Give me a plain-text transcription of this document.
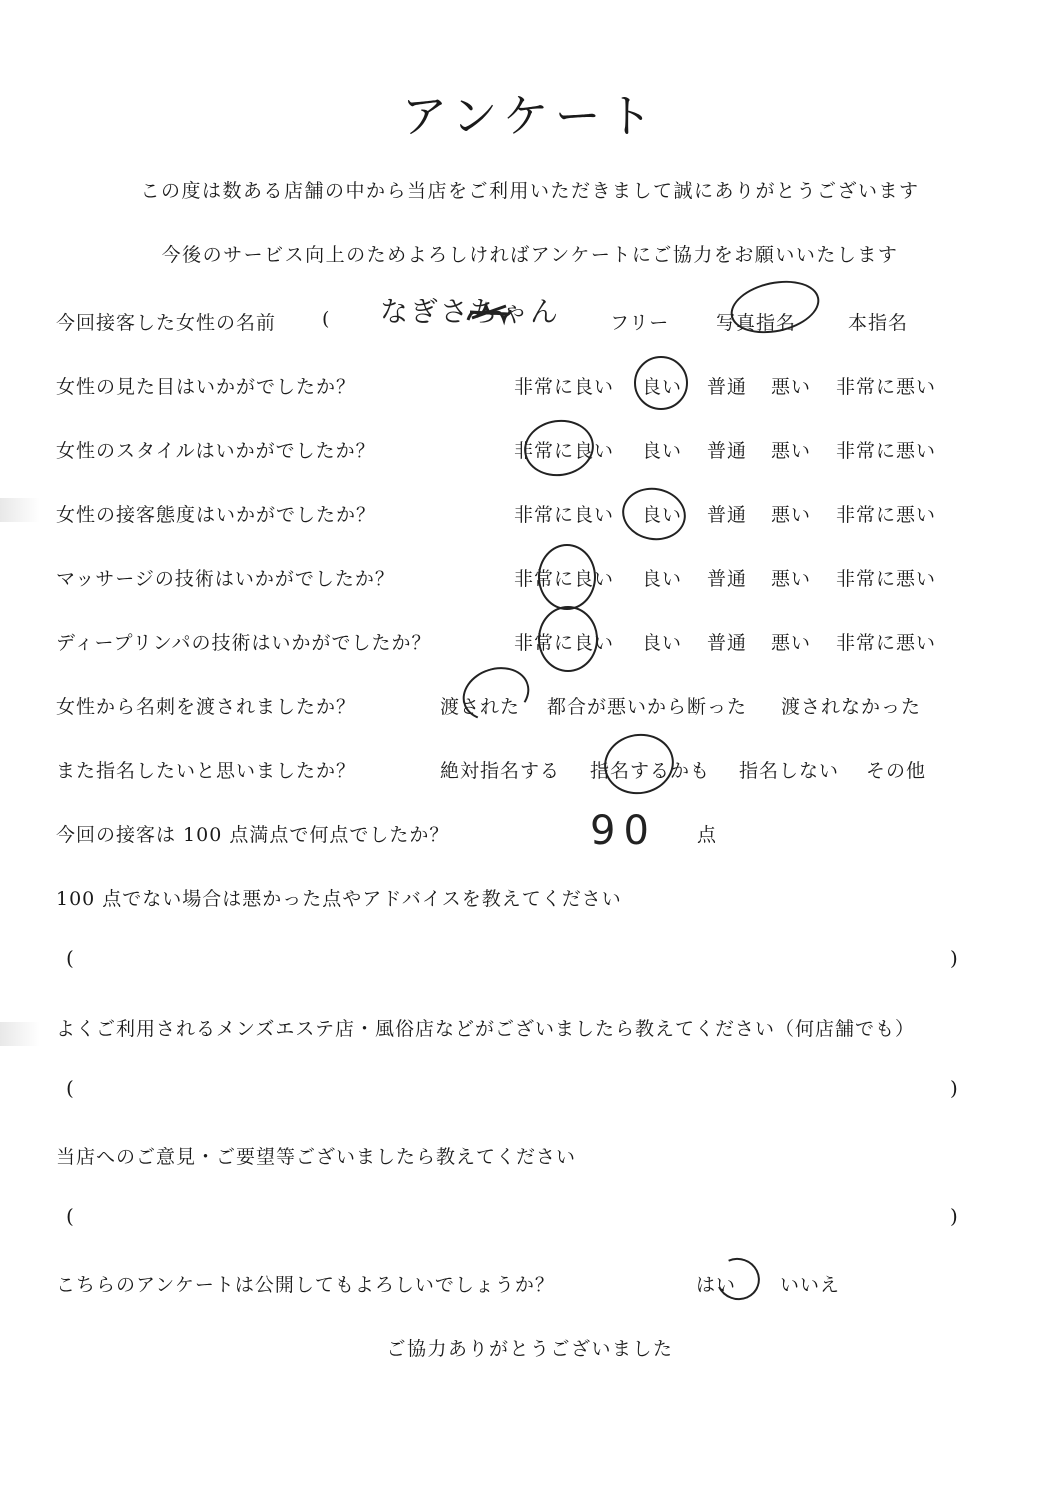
アンケート
この度は数ある店舗の中から当店をご利用いただきまして誠にありがとうございます
今後のサービス向上のためよろしければアンケートにご協力をお願いいたします
今回接客した女性の名前 ( なぎさちゃん	フリー 写真指名	本指名
女性の見た目はいかがでしたか？	非常に良い 良い 普通 悪い 非常に悪い
女性のスタイルはいかがでしたか？	非常に良い 良い 普通 悪い 非常に悪い
女性の接客態度はいかがでしたか？	非常に良い 良い 普通 悪い 非常に悪い
マッサージの技術はいかがでしたか？	非常に良い 良い 普通 悪い 非常に悪い
ディープリンパの技術はいかがでしたか？	非常に良い 良い 普通 悪い 非常に悪い
女性から名刺を渡されましたか？	渡された 都合が悪いから断った 渡されなかった
また指名したいと思いましたか？	絶対指名する 指名するかも 指名しない その他
今回の接客は 100 点満点で何点でしたか？	90 点
100 点でない場合は悪かった点やアドバイスを教えてください
(	)
よくご利用されるメンズエステ店・風俗店などがございましたら教えてください（何店舗でも）
(	)
当店へのご意見・ご要望等ございましたら教えてください
(	)
こちらのアンケートは公開してもよろしいでしょうか？	はい いいえ
ご協力ありがとうございました
